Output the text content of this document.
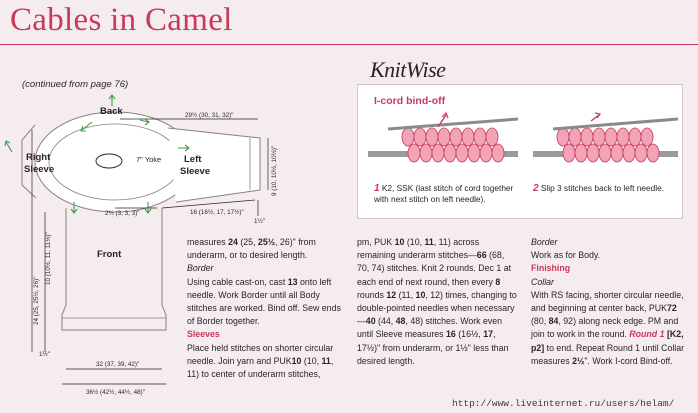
Cables in Camel
(continued from page 76)
Back
Right
Sleeve
Left
Sleeve
Front
7" Yoke
29½ (30, 31, 32)"
9 (10, 10½, 10½)"
2½ (3, 3, 3)"	16 (16½, 17, 17½)"
1½"
10 (10½, 11, 11½)"
24 (25, 25½, 26)"
1½"
32 (37, 39, 42)"
36½ (42½, 44½, 48)"
KnitWise
I-cord bind-off
1 K2, SSK (last stitch of cord together with next stitch on left needle).
2 Slip 3 stitches back to left needle.

measures 24 (25, 25½, 26)" from underarm, or to desired length.

Border

Using cable cast-on, cast 13 onto left needle. Work Border until all Body stitches are worked. Bind off. Sew ends of Border together.

Sleeves

Place held stitches on shorter circular needle. Join yarn and PUK10 (10, 11, 11) to center of underarm stitches,

pm, PUK 10 (10, 11, 11) across remaining underarm stitches—66 (68, 70, 74) stitches. Knit 2 rounds. Dec 1 at each end of next round, then every 8 rounds 12 (11, 10, 12) times, changing to double-pointed needles when necessary—40 (44, 48, 48) stitches. Work even until Sleeve measures 16 (16½, 17, 17½)" from underarm, or 1½" less than desired length.

Border

Work as for Body.

Finishing

Collar

With RS facing, shorter circular needle, and beginning at center back, PUK72 (80, 84, 92) along neck edge. PM and join to work in the round. Round 1 [K2, p2] to end. Repeat Round 1 until Collar measures 2½". Work I-cord Bind-off.

http://www.liveinternet.ru/users/helam/
